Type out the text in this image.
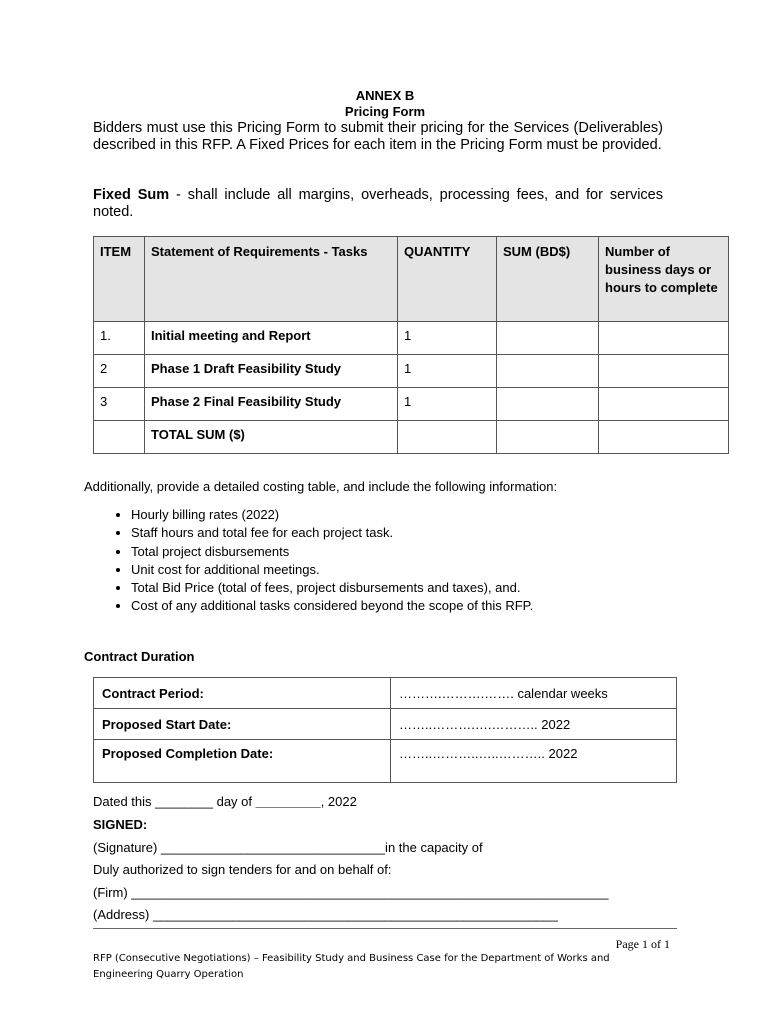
ANNEX B
Pricing Form
Bidders must use this Pricing Form to submit their pricing for the Services (Deliverables) described in this RFP. A Fixed Prices for each item in the Pricing Form must be provided.
Fixed Sum - shall include all margins, overheads, processing fees, and for services noted.
ITEM	Statement of Requirements - Tasks	QUANTITY	SUM (BD$)	Number of business days or hours to complete
1.	Initial meeting and Report	1		
2	Phase 1 Draft Feasibility Study	1		
3	Phase 2 Final Feasibility Study	1		
	TOTAL SUM ($)			
Additionally, provide a detailed costing table, and include the following information:
• Hourly billing rates (2022)
• Staff hours and total fee for each project task.
• Total project disbursements
• Unit cost for additional meetings.
• Total Bid Price (total of fees, project disbursements and taxes), and.
• Cost of any additional tasks considered beyond the scope of this RFP.
Contract Duration
Contract Period:	……….……….……. calendar weeks
Proposed Start Date:	……..……….….……….. 2022
Proposed Completion Date:	……..………..…..……….. 2022
Dated this ________ day of _________, 2022
SIGNED:
(Signature) _______________________________in the capacity of
Duly authorized to sign tenders for and on behalf of:
(Firm) __________________________________________________________________
(Address) ________________________________________________________
Page 1 of 1
RFP (Consecutive Negotiations) – Feasibility Study and Business Case for the Department of Works and Engineering Quarry Operation
